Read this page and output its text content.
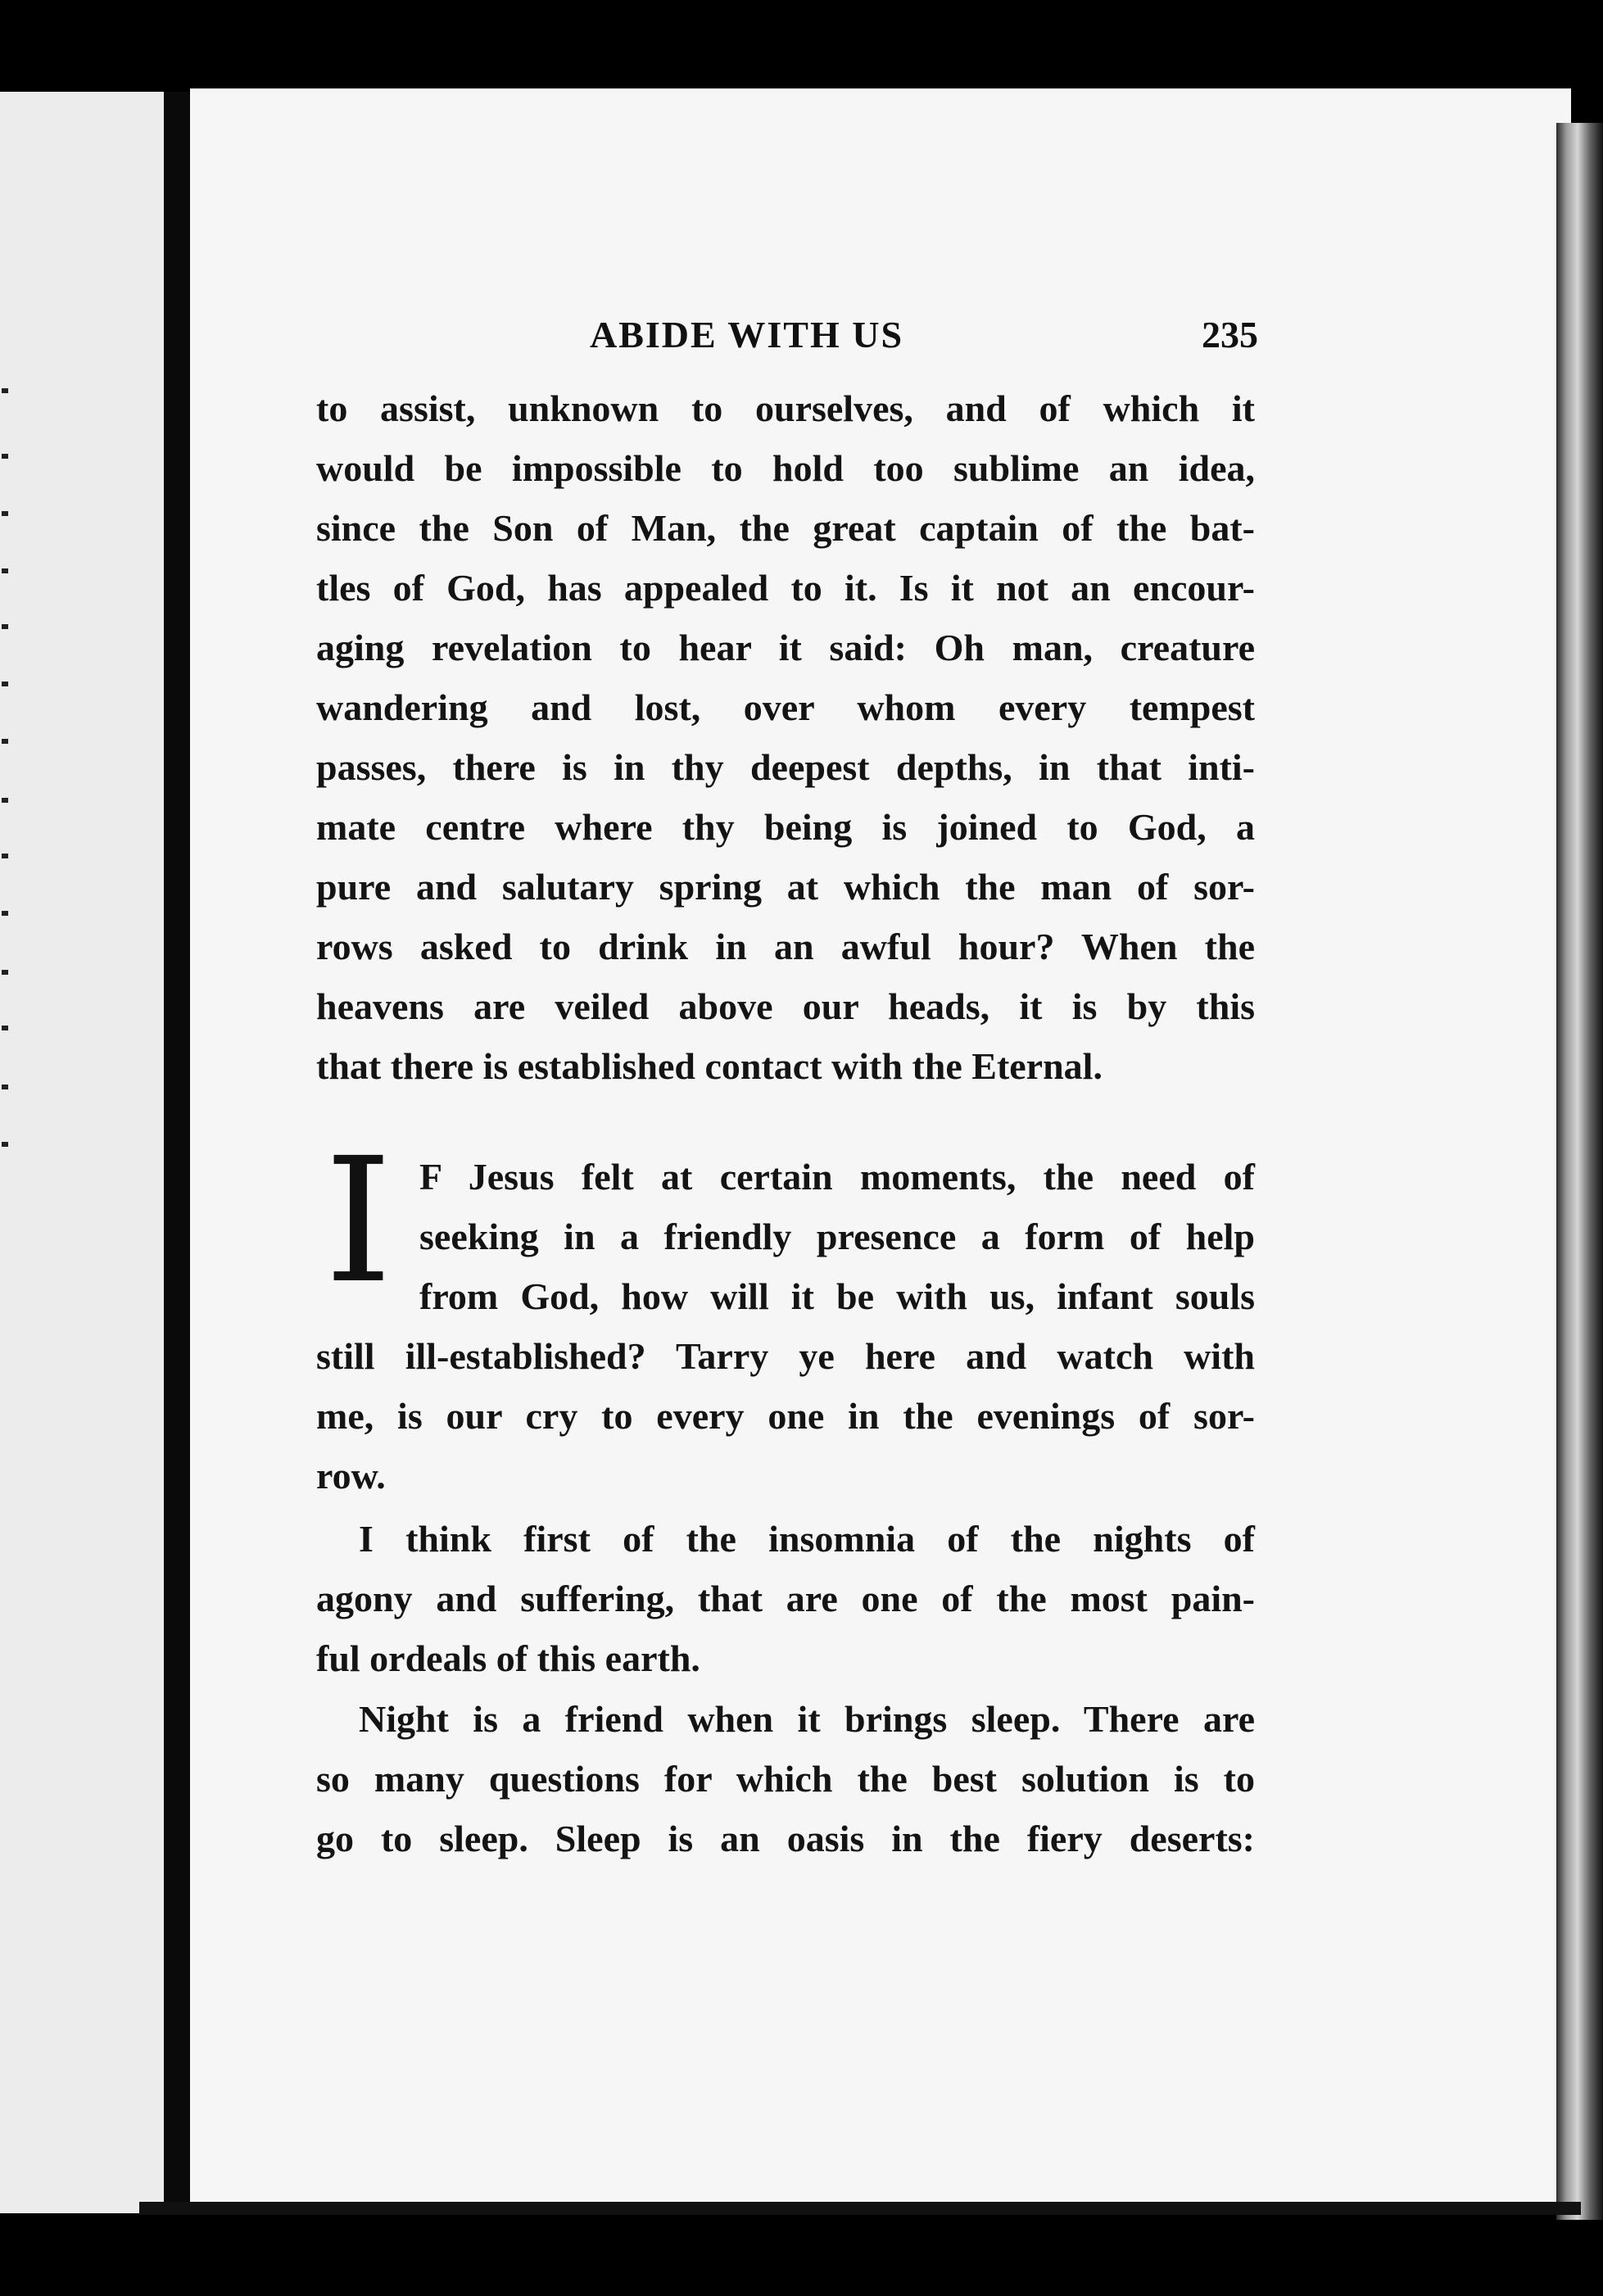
ABIDE WITH US	235
to assist, unknown to ourselves, and of which it
would be impossible to hold too sublime an idea,
since the Son of Man, the great captain of the bat-
tles of God, has appealed to it. Is it not an encour-
aging revelation to hear it said: Oh man, creature
wandering and lost, over whom every tempest
passes, there is in thy deepest depths, in that inti-
mate centre where thy being is joined to God, a
pure and salutary spring at which the man of sor-
rows asked to drink in an awful hour? When the
heavens are veiled above our heads, it is by this
that there is established contact with the Eternal.
I F Jesus felt at certain moments, the need of
seeking in a friendly presence a form of help
from God, how will it be with us, infant souls
still ill-established? Tarry ye here and watch with
me, is our cry to every one in the evenings of sor-
row.
I think first of the insomnia of the nights of
agony and suffering, that are one of the most pain-
ful ordeals of this earth.
Night is a friend when it brings sleep. There are
so many questions for which the best solution is to
go to sleep. Sleep is an oasis in the fiery deserts:
